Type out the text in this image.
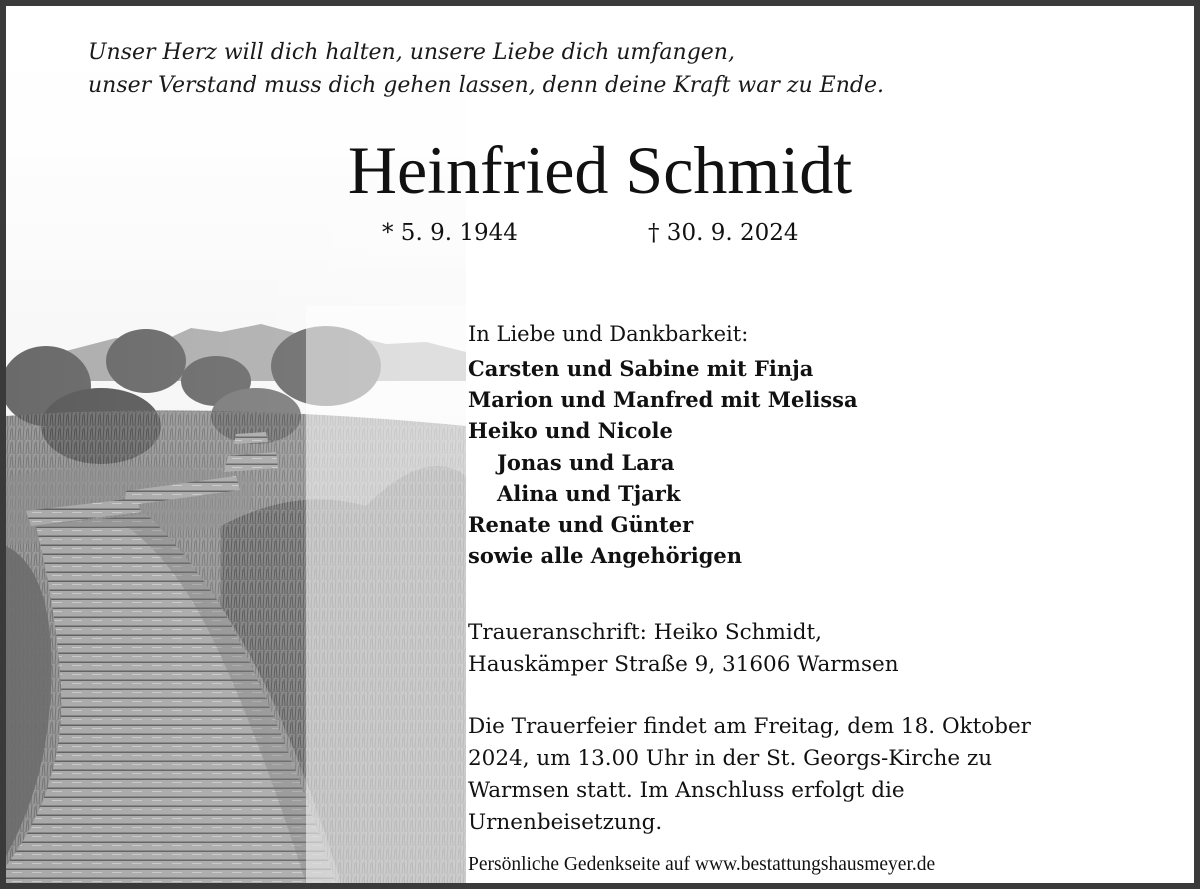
Unser Herz will dich halten, unsere Liebe dich umfangen,
unser Verstand muss dich gehen lassen, denn deine Kraft war zu Ende.

Heinfried Schmidt
* 5. 9. 1944	† 30. 9. 2024
In Liebe und Dankbarkeit:
Carsten und Sabine mit Finja
Marion und Manfred mit Melissa
Heiko und Nicole
Jonas und Lara
Alina und Tjark
Renate und Günter
sowie alle Angehörigen
Traueranschrift: Heiko Schmidt,
Hauskämper Straße 9, 31606 Warmsen
Die Trauerfeier findet am Freitag, dem 18. Oktober
2024, um 13.00 Uhr in der St. Georgs-Kirche zu
Warmsen statt. Im Anschluss erfolgt die
Urnenbeisetzung.
Persönliche Gedenkseite auf www.bestattungshausmeyer.de
